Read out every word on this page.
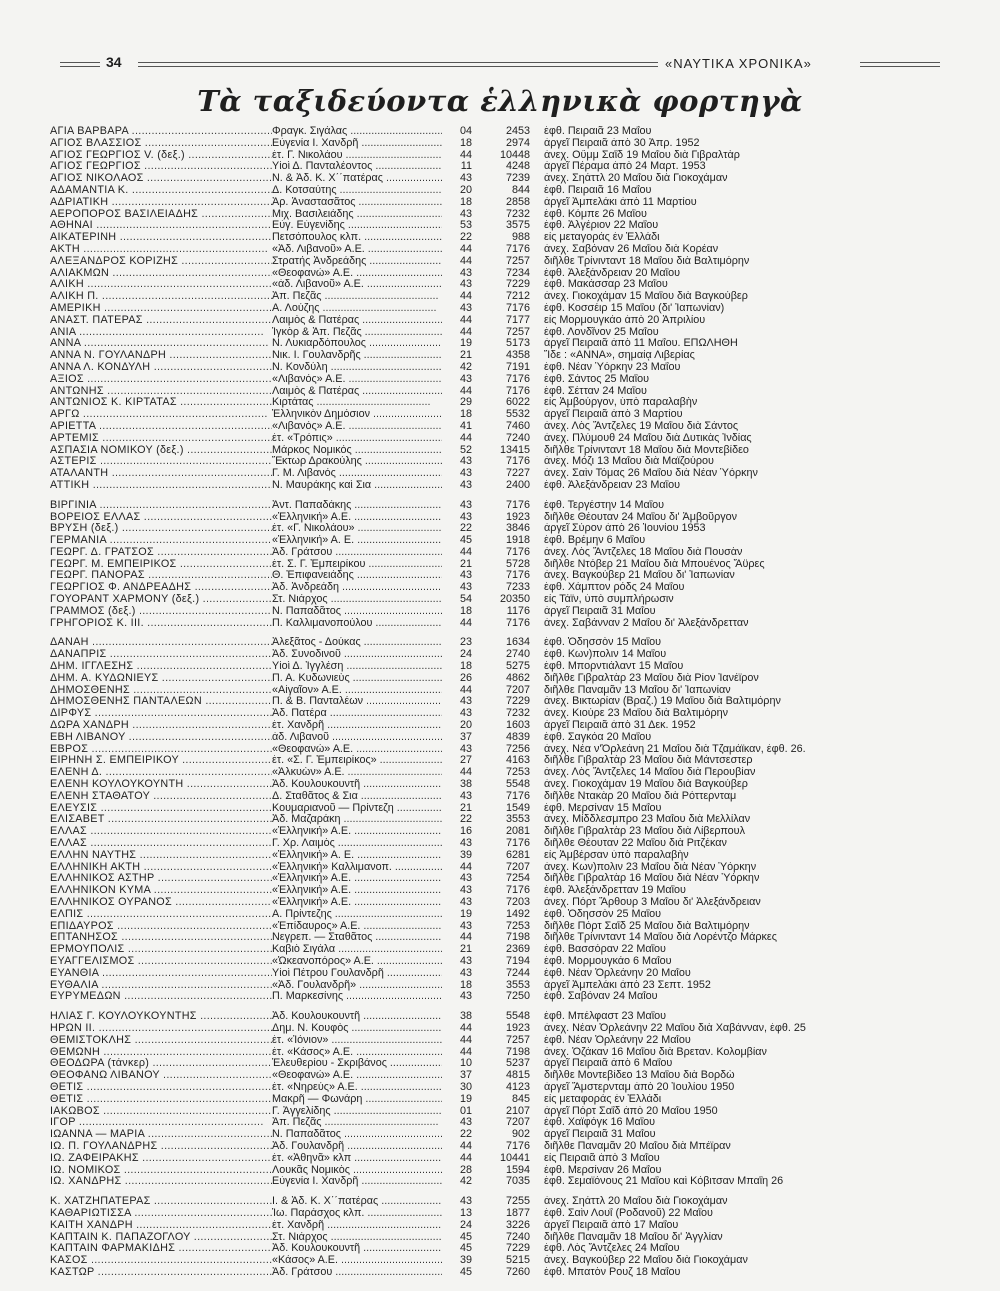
34	«ΝΑΥΤΙΚΑ ΧΡΟΝΙΚΑ»
Τὰ ταξιδεύοντα ἑλληνικὰ φορτηγὰ
ΑΓΙΑ ΒΑΡΒΑΡΑ .....	Φραγκ. Σιγάλας .....	04	2453	ἐφθ. Πειραιᾶ 23 Μαΐου
ΑΓΙΟΣ ΒΛΑΣΣΙΟΣ .....	Εὐγενία Ι. Χανδρῆ .....	18	2974	ἀργεῖ Πειραιᾶ ἀπὸ 30 Ἀπρ. 1952
ΑΓΙΟΣ ΓΕΩΡΓΙΟΣ V. (δεξ.) .....	ἐτ. Γ. Νικολάου .....	44	10448	ἀνεχ. Οὔμμ Σαΐδ 19 Μαΐου διὰ Γιβραλτὰρ
ΑΓΙΟΣ ΓΕΩΡΓΙΟΣ .....	Υἱοὶ Δ. Πανταλέοντος .....	11	4248	ἀργεῖ Πέραμα ἀπὸ 24 Μαρτ. 1953
ΑΓΙΟΣ ΝΙΚΟΛΑΟΣ .....	Ν. & Ἀδ. Κ. Χ΄΄πατέρας .....	43	7239	ἀνεχ. Σηάττλ 20 Μαΐου διὰ Γιοκοχάμαν
ΑΔΑΜΑΝΤΙΑ Κ. .....	Δ. Κοτσαύτης .....	20	844	ἐφθ. Πειραιᾶ 16 Μαΐου
ΑΔΡΙΑΤΙΚΗ .....	Ἀρ. Ἀναστασᾶτος .....	18	2858	ἀργεῖ Ἀμπελάκι ἀπὸ 11 Μαρτίου
ΑΕΡΟΠΟΡΟΣ ΒΑΣΙΛΕΙΑΔΗΣ .....	Μιχ. Βασιλειάδης .....	43	7232	ἐφθ. Κόμπε 26 Μαΐου
ΑΘΗΝΑΙ .....	Εὐγ. Εὐγενίδης .....	53	3575	ἐφθ. Ἀλγέριον 22 Μαΐου
ΑΙΚΑΤΕΡΙΝΗ .....	Πετσόπουλος κλπ. .....	22	988	εἰς μεταγοράς ἐν Ἑλλάδι
ΑΚΤΗ .....	«Ἀδ. Λιβανοῦ» Α.Ε. .....	44	7176	ἀνεχ. Σαβόναν 26 Μαΐου διὰ Κορέαν
ΑΛΕΞΑΝΔΡΟΣ ΚΟΡΙΖΗΣ .....	Στρατής Ἀνδρεάδης .....	44	7257	διῆλθε Τρίνινταντ 18 Μαΐου διὰ Βαλτιμόρην
ΑΛΙΑΚΜΩΝ .....	«Θεοφανώ» Α.Ε. .....	43	7234	ἐφθ. Ἀλεξάνδρειαν 20 Μαΐου
ΑΛΙΚΗ .....	«ἀδ. Λιβανοῦ» Α.Ε. .....	43	7229	ἐφθ. Μακάσσαρ 23 Μαΐου
ΑΛΙΚΗ Π. .....	Ἀπ. Πεζᾶς .....	44	7212	ἀνεχ. Γιοκοχάμαν 15 Μαΐου διὰ Βαγκούβερ
ΑΜΕΡΙΚΗ .....	Α. Λούζης .....	43	7176	ἐφθ. Κοσσέιρ 15 Μαΐου (δι' Ἰαπωνίαν)
ΑΝΑΣΤ. ΠΑΤΕΡΑΣ .....	Λαιμὸς & Πατέρας .....	44	7177	εἰς Μορμουγκάο ἀπὸ 20 Ἀπριλίου
ΑΝΙΑ .....	Ἰγκὸρ & Ἀπ. Πεζᾶς .....	44	7257	ἐφθ. Λονδῖνον 25 Μαΐου
ΑΝΝΑ .....	Ν. Λυκιαρδόπουλος .....	19	5173	ἀργεῖ Πειραιᾶ ἀπὸ 11 Μαΐου. ΕΠΩΛΗΘΗ
ΑΝΝΑ Ν. ΓΟΥΛΑΝΔΡΗ .....	Νικ. Ι. Γουλανδρῆς .....	21	4358	Ἴδε : «ΑΝΝΑ», σημαίᾳ Λιβερίας
ΑΝΝΑ Λ. ΚΟΝΔΥΛΗ .....	Ν. Κονδύλη .....	42	7191	ἐφθ. Νέαν Ὑόρκην 23 Μαΐου
ΑΞΙΟΣ .....	«Λιβανός» Α.Ε. .....	43	7176	ἐφθ. Σάντος 25 Μαΐου
ΑΝΤΩΝΗΣ .....	Λαιμὸς & Πατέρας .....	44	7176	ἐφθ. Σέτταν 24 Μαΐου
ΑΝΤΩΝΙΟΣ Κ. ΚΙΡΤΑΤΑΣ .....	Κιρτάτας .....	29	6022	εἰς Ἀμβούργον, ὑπὸ παραλαβὴν
ΑΡΓΩ .....	Ἑλληνικὸν Δημόσιον .....	18	5532	ἀργεῖ Πειραιᾶ ἀπὸ 3 Μαρτίου
ΑΡΙΕΤΤΑ .....	«Λιβανός» Α.Ε. .....	41	7460	ἀνεχ. Λὸς Ἄντζελες 19 Μαΐου διὰ Σάντος
ΑΡΤΕΜΙΣ .....	ἐτ. «Τρόπις» .....	44	7240	ἀνεχ. Πλύμουθ 24 Μαΐου διὰ Δυτικὰς Ἰνδίας
ΑΣΠΑΣΙΑ ΝΟΜΙΚΟΥ (δεξ.) .....	Μάρκος Νομικός .....	52	13415	διῆλθε Τρίνινταντ 18 Μαΐου διὰ Μοντεβίδεο
ΑΣΤΕΡΙΣ .....	Ἕκτωρ Δρακούλης .....	43	7176	ἀνεχ. Μόζι 13 Μαΐου διὰ Μαϊζούρου
ΑΤΑΛΑΝΤΗ .....	Γ. Μ. Λιβανός .....	43	7227	ἀνεχ. Σαὶν Τόμας 26 Μαΐου διὰ Νέαν Ὑόρκην
ΑΤΤΙΚΗ .....	Ν. Μαυράκης καὶ Σια .....	43	2400	ἐφθ. Ἀλεξάνδρειαν 23 Μαΐου
ΒΙΡΓΙΝΙΑ .....	Ἀντ. Παπαδάκης .....	43	7176	ἐφθ. Τεργέστην 14 Μαΐου
ΒΟΡΕΙΟΣ ΕΛΛΑΣ .....	«Ἑλληνική» Α.Ε. .....	43	1923	διῆλθε Θέουταν 24 Μαΐου δι' Ἀμβοῦργον
ΒΡΥΣΗ (δεξ.) .....	ἐτ. «Γ. Νικολάου» .....	22	3846	ἀργεῖ Σύρον ἀπὸ 26 Ἰουνίου 1953
ΓΕΡΜΑΝΙΑ .....	«Ἑλληνική» Α. Ε. .....	45	1918	ἐφθ. Βρέμην 6 Μαΐου
ΓΕΩΡΓ. Δ. ΓΡΑΤΣΟΣ .....	Ἀδ. Γράτσου .....	44	7176	ἀνεχ. Λὸς Ἄντζελες 18 Μαΐου διὰ Πουσὰν
ΓΕΩΡΓ. Μ. ΕΜΠΕΙΡΙΚΟΣ .....	ἐτ. Σ. Γ. Ἐμπειρίκου .....	21	5728	διῆλθε Ντόβερ 21 Μαΐου διὰ Μπουένος Ἄϋρες
ΓΕΩΡΓ. ΠΑΝΟΡΑΣ .....	Θ. Ἐπιφανειάδης .....	43	7176	ἀνεχ. Βαγκούβερ 21 Μαΐου δι' Ἰαπωνίαν
ΓΕΩΡΓΙΟΣ Φ. ΑΝΔΡΕΑΔΗΣ .....	Ἀδ. Ἀνδρεάδη .....	43	7233	ἐφθ. Χάμπτον ρόδς 24 Μαΐου
ΓΟΥΟΡΑΝΤ ΧΑΡΜΟΝΥ (δεξ.) .....	Στ. Νιάρχος .....	54	20350	εἰς Τάϊν, ὑπὸ συμπλήρωσιν
ΓΡΑΜΜΟΣ (δεξ.) .....	Ν. Παπαδᾶτος .....	18	1176	ἀργεῖ Πειραιᾶ 31 Μαΐου
ΓΡΗΓΟΡΙΟΣ Κ. ΙΙΙ. .....	Π. Καλλιμανοπούλου .....	44	7176	ἀνεχ. Σαβάνναν 2 Μαΐου δι' Ἀλεξάνδρετταν
ΔΑΝΑΗ .....	Ἀλεξᾶτος - Δούκας .....	23	1634	ἐφθ. Ὀδησσὸν 15 Μαΐου
ΔΑΝΑΠΡΙΣ .....	Ἀδ. Συνοδινοῦ .....	24	2740	ἐφθ. Κων)πολιν 14 Μαΐου
ΔΗΜ. ΙΓΓΛΕΣΗΣ .....	Υἱοὶ Δ. Ἰγγλέση .....	18	5275	ἐφθ. Μπορντιάλαντ 15 Μαΐου
ΔΗΜ. Α. ΚΥΔΩΝΙΕΥΣ .....	Π. Α. Κυδωνιεὺς .....	26	4862	διῆλθε Γιβραλτὰρ 23 Μαΐου διὰ Ρίον Ἰανέϊρον
ΔΗΜΟΣΘΕΝΗΣ .....	«Αἰγαῖον» Α.Ε. .....	44	7207	διῆλθε Παναμᾶν 13 Μαΐου δι' Ἰαπωνίαν
ΔΗΜΟΣΘΕΝΗΣ ΠΑΝΤΑΛΕΩΝ .....	Π. & Β. Πανταλέων .....	43	7229	ἀνεχ. Βικτωρίαν (Βραζ.) 19 Μαΐου διὰ Βαλτιμόρην
ΔΙΡΦΥΣ .....	Ἀδ. Πατέρα .....	43	7232	ἀνεχ. Κιούρε 23 Μαΐου διὰ Βαλτιμόρην
ΔΩΡΑ ΧΑΝΔΡΗ .....	ἐτ. Χανδρῆ .....	20	1603	ἀργεῖ Πειραιᾶ ἀπὸ 31 Δεκ. 1952
ΕΒΗ ΛΙΒΑΝΟΥ .....	ἀδ. Λιβανοῦ .....	37	4839	ἐφθ. Σαγκόα 20 Μαΐου
ΕΒΡΟΣ .....	«Θεοφανώ» Α.Ε. .....	43	7256	ἀνεχ. Νέα ν'Ὀρλεάνη 21 Μαΐου διὰ Τζαμάϊκαν, ἐφθ. 26.
ΕΙΡΗΝΗ Σ. ΕΜΠΕΙΡΙΚΟΥ .....	ἐτ. «Σ. Γ. Ἐμπειρίκος» .....	27	4163	διῆλθε Γιβραλτὰρ 23 Μαΐου διὰ Μάντσεστερ
ΕΛΕΝΗ Δ. .....	«Ἀλκυὼν» Α.Ε. .....	44	7253	ἀνεχ. Λὸς Ἄντζελες 14 Μαΐου διὰ Περουβίαν
ΕΛΕΝΗ ΚΟΥΛΟΥΚΟΥΝΤΗ .....	Ἀδ. Κουλουκουντῆ .....	38	5548	ἀνεχ. Γιοκοχάμαν 19 Μαΐου διὰ Βαγκούβερ
ΕΛΕΝΗ ΣΤΑΘΑΤΟΥ .....	Δ. Σταθᾶτος & Σια .....	43	7176	διῆλθε Ντακὰρ 20 Μαΐου διὰ Ρόττερνταμ
ΕΛΕΥΣΙΣ .....	Κουμαριανοῦ — Πρίντεζη .....	21	1549	ἐφθ. Μερσίναν 15 Μαΐου
ΕΛΙΣΑΒΕΤ .....	Ἀδ. Μαζαράκη .....	22	3553	ἀνεχ. Μίδδλεσμπρο 23 Μαΐου διὰ Μελλίλαν
ΕΛΛΑΣ .....	«Ἑλληνική» Α.Ε. .....	16	2081	διῆλθε Γιβραλτὰρ 23 Μαΐου διὰ Λίβερπουλ
ΕΛΛΑΣ .....	Γ. Χρ. Λαιμὸς .....	43	7176	διῆλθε Θέουταν 22 Μαΐου διὰ Ριτζέκαν
ΕΛΛΗΝ ΝΑΥΤΗΣ .....	«Ἑλληνική» Α. Ε. .....	39	6281	εἰς Ἀμβέρσαν ὑπὸ παραλαβὴν
ΕΛΛΗΝΙΚΗ ΑΚΤΗ .....	«Ἑλληνική» Καλλιμανοπ. .....	44	7207	ἀνεχ. Κων)πολιν 23 Μαΐου διὰ Νέαν Ὑόρκην
ΕΛΛΗΝΙΚΟΣ ΑΣΤΗΡ .....	«Ἑλληνική» Α.Ε. .....	43	7254	διῆλθε Γιβραλτὰρ 16 Μαΐου διὰ Νέαν Ὑόρκην
ΕΛΛΗΝΙΚΟΝ ΚΥΜΑ .....	«Ἑλληνική» Α.Ε. .....	43	7176	ἐφθ. Ἀλεξάνδρετταν 19 Μαΐου
ΕΛΛΗΝΙΚΟΣ ΟΥΡΑΝΟΣ .....	«Ἑλληνική» Α.Ε. .....	43	7203	ἀνεχ. Πόρτ Ἄρθουρ 3 Μαΐου δι' Ἀλεξάνδρειαν
ΕΛΠΙΣ .....	Α. Πρίντεζης .....	19	1492	ἐφθ. Ὀδησσὸν 25 Μαΐου
ΕΠΙΔΑΥΡΟΣ .....	«Ἐπίδαυρος» Α.Ε. .....	43	7253	διῆλθε Πόρτ Σαΐδ 25 Μαΐου διὰ Βαλτιμόρην
ΕΠΤΑΝΗΣΟΣ .....	Νεγρεπ. — Σταθᾶτος .....	44	7198	διῆλθε Τρίνινταντ 14 Μαΐου διὰ Λορέντζο Μάρκες
ΕΡΜΟΥΠΟΛΙΣ .....	Καβιὸ Σιγάλα .....	21	2369	ἐφθ. Βασσόραν 22 Μαΐου
ΕΥΑΓΓΕΛΙΣΜΟΣ .....	«Ὠκεανοπόρος» Α.Ε. .....	43	7194	ἐφθ. Μορμουγκάο 6 Μαΐου
ΕΥΑΝΘΙΑ .....	Υἱοὶ Πέτρου Γουλανδρῆ .....	43	7244	ἐφθ. Νέαν Ὀρλεάνην 20 Μαΐου
ΕΥΘΑΛΙΑ .....	«Ἀδ. Γουλανδρῆ» .....	18	3553	ἀργεῖ Ἀμπελάκι ἀπὸ 23 Σεπτ. 1952
ΕΥΡΥΜΕΔΩΝ .....	Π. Μαρκεσίνης .....	43	7250	ἐφθ. Σαβόναν 24 Μαΐου
ΗΛΙΑΣ Γ. ΚΟΥΛΟΥΚΟΥΝΤΗΣ .....	Ἀδ. Κουλουκουντῆ .....	38	5548	ἐφθ. Μπέλφαστ 23 Μαΐου
ΗΡΩΝ ΙΙ. .....	Δημ. Ν. Κουφὸς .....	44	1923	ἀνεχ. Νέαν Ὀρλεάνην 22 Μαΐου διὰ Χαβάνναν, ἐφθ. 25
ΘΕΜΙΣΤΟΚΛΗΣ .....	ἐτ. «Ἰόνιον» .....	44	7257	ἐφθ. Νέαν Ὀρλεάνην 22 Μαΐου
ΘΕΜΩΝΗ .....	ἐτ. «Κάσος» Α.Ε. .....	44	7198	ἀνεχ. Ὀζάκαν 16 Μαΐου διὰ Βρεταν. Κολομβίαν
ΘΕΟΔΩΡΑ (τάνκερ) .....	Ἐλευθερίου - Σκριβάνος .....	10	5237	ἀργεῖ Πειραιᾶ ἀπὸ 6 Μαΐου
ΘΕΟΦΑΝΩ ΛΙΒΑΝΟΥ .....	«Θεοφανώ» Α.Ε. .....	37	4815	διῆλθε Μοντεβίδεο 13 Μαΐου διὰ Βορδὼ
ΘΕΤΙΣ .....	ἐτ. «Νηρεύς» Α.Ε. .....	30	4123	ἀργεῖ Ἄμστερνταμ ἀπὸ 20 Ἰουλίου 1950
ΘΕΤΙΣ .....	Μακρῆ — Φωνάρη .....	19	845	εἰς μεταφοράς ἐν Ἑλλάδι
ΙΑΚΩΒΟΣ .....	Γ. Ἀγγελίδης .....	01	2107	ἀργεῖ Πόρτ Σαΐδ ἀπὸ 20 Μαΐου 1950
ΙΓΟΡ .....	Ἀπ. Πεζᾶς .....	43	7207	ἐφθ. Χαϊφόγκ 16 Μαΐου
ΙΩΑΝΝΑ — ΜΑΡΙΑ .....	Ν. Παπαδᾶτος .....	22	902	ἀργεῖ Πειραιᾶ 31 Μαΐου
ΙΩ. Π. ΓΟΥΛΑΝΔΡΗΣ .....	Ἀδ. Γουλανδρῆ .....	44	7176	διῆλθε Παναμᾶν 20 Μαΐου διὰ Μπέϊραν
ΙΩ. ΖΑΦΕΙΡΑΚΗΣ .....	ἐτ. «Ἀθηνᾶ» κλπ .....	44	10441	εἰς Πειραιᾶ ἀπὸ 3 Μαΐου
ΙΩ. ΝΟΜΙΚΟΣ .....	Λουκᾶς Νομικὸς .....	28	1594	ἐφθ. Μερσίναν 26 Μαΐου
ΙΩ. ΧΑΝΔΡΗΣ .....	Εὐγενία Ι. Χανδρῆ .....	42	7035	ἐφθ. Σεμαϊόνους 21 Μαΐου καὶ Κόβιτσαν Μπαΐη 26
Κ. ΧΑΤΖΗΠΑΤΕΡΑΣ .....	Ι. & Ἀδ. Κ. Χ΄΄πατέρας .....	43	7255	ἀνεχ. Σηάττλ 20 Μαΐου διὰ Γιοκοχάμαν
ΚΑΘΑΡΙΩΤΙΣΣΑ .....	Ἰω. Παράσχος κλπ. .....	13	1877	ἐφθ. Σαὶν Λουΐ (Ροδανοῦ) 22 Μαΐου
ΚΑΙΤΗ ΧΑΝΔΡΗ .....	ἐτ. Χανδρῆ .....	24	3226	ἀργεῖ Πειραιᾶ ἀπὸ 17 Μαΐου
ΚΑΠΤΑΙΝ Κ. ΠΑΠΑΖΟΓΛΟΥ .....	Στ. Νιάρχος .....	45	7240	διῆλθε Παναμᾶν 18 Μαΐου δι' Ἀγγλίαν
ΚΑΠΤΑΙΝ ΦΑΡΜΑΚΙΔΗΣ .....	Ἀδ. Κουλουκουντῆ .....	45	7229	ἐφθ. Λὸς Ἄντζελες 24 Μαΐου
ΚΑΣΟΣ .....	«Κάσος» Α.Ε. .....	39	5215	ἀνεχ. Βαγκούβερ 22 Μαΐου διὰ Γιοκοχάμαν
ΚΑΣΤΩΡ .....	Ἀδ. Γράτσου .....	45	7260	ἐφθ. Μπατὸν Ρουζ 18 Μαΐου
